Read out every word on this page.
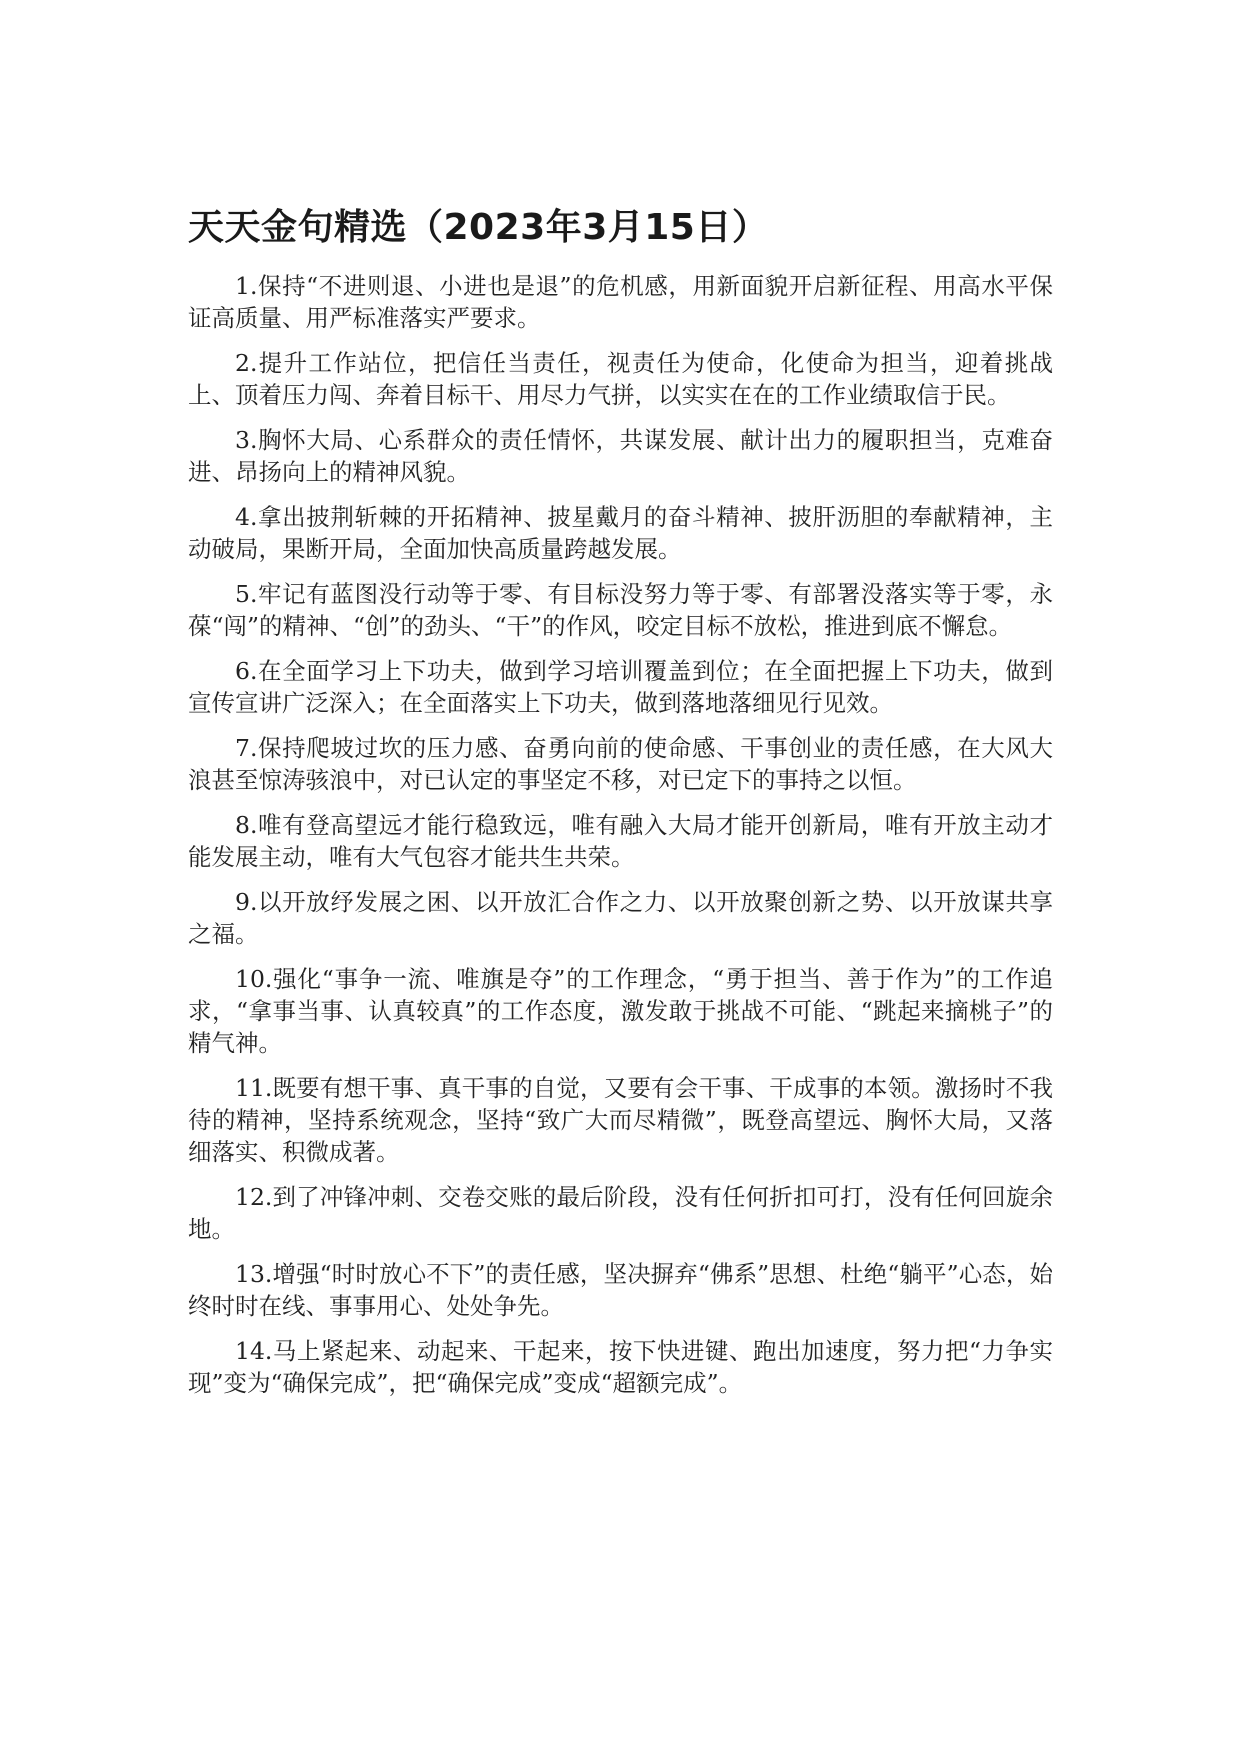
天天金句精选（2023年3月15日）

1.保持“不进则退、小进也是退”的危机感，用新面貌开启新征程、用高水平保证高质量、用严标准落实严要求。

2.提升工作站位，把信任当责任，视责任为使命，化使命为担当，迎着挑战上、顶着压力闯、奔着目标干、用尽力气拼，以实实在在的工作业绩取信于民。

3.胸怀大局、心系群众的责任情怀，共谋发展、献计出力的履职担当，克难奋进、昂扬向上的精神风貌。

4.拿出披荆斩棘的开拓精神、披星戴月的奋斗精神、披肝沥胆的奉献精神，主动破局，果断开局，全面加快高质量跨越发展。

5.牢记有蓝图没行动等于零、有目标没努力等于零、有部署没落实等于零，永葆“闯”的精神、“创”的劲头、“干”的作风，咬定目标不放松，推进到底不懈怠。

6.在全面学习上下功夫，做到学习培训覆盖到位；在全面把握上下功夫，做到宣传宣讲广泛深入；在全面落实上下功夫，做到落地落细见行见效。

7.保持爬坡过坎的压力感、奋勇向前的使命感、干事创业的责任感，在大风大浪甚至惊涛骇浪中，对已认定的事坚定不移，对已定下的事持之以恒。

8.唯有登高望远才能行稳致远，唯有融入大局才能开创新局，唯有开放主动才能发展主动，唯有大气包容才能共生共荣。

9.以开放纾发展之困、以开放汇合作之力、以开放聚创新之势、以开放谋共享之福。

10.强化“事争一流、唯旗是夺”的工作理念，“勇于担当、善于作为”的工作追求，“拿事当事、认真较真”的工作态度，激发敢于挑战不可能、“跳起来摘桃子”的精气神。

11.既要有想干事、真干事的自觉，又要有会干事、干成事的本领。激扬时不我待的精神，坚持系统观念，坚持“致广大而尽精微”，既登高望远、胸怀大局，又落细落实、积微成著。

12.到了冲锋冲刺、交卷交账的最后阶段，没有任何折扣可打，没有任何回旋余地。

13.增强“时时放心不下”的责任感，坚决摒弃“佛系”思想、杜绝“躺平”心态，始终时时在线、事事用心、处处争先。

14.马上紧起来、动起来、干起来，按下快进键、跑出加速度，努力把“力争实现”变为“确保完成”，把“确保完成”变成“超额完成”。
